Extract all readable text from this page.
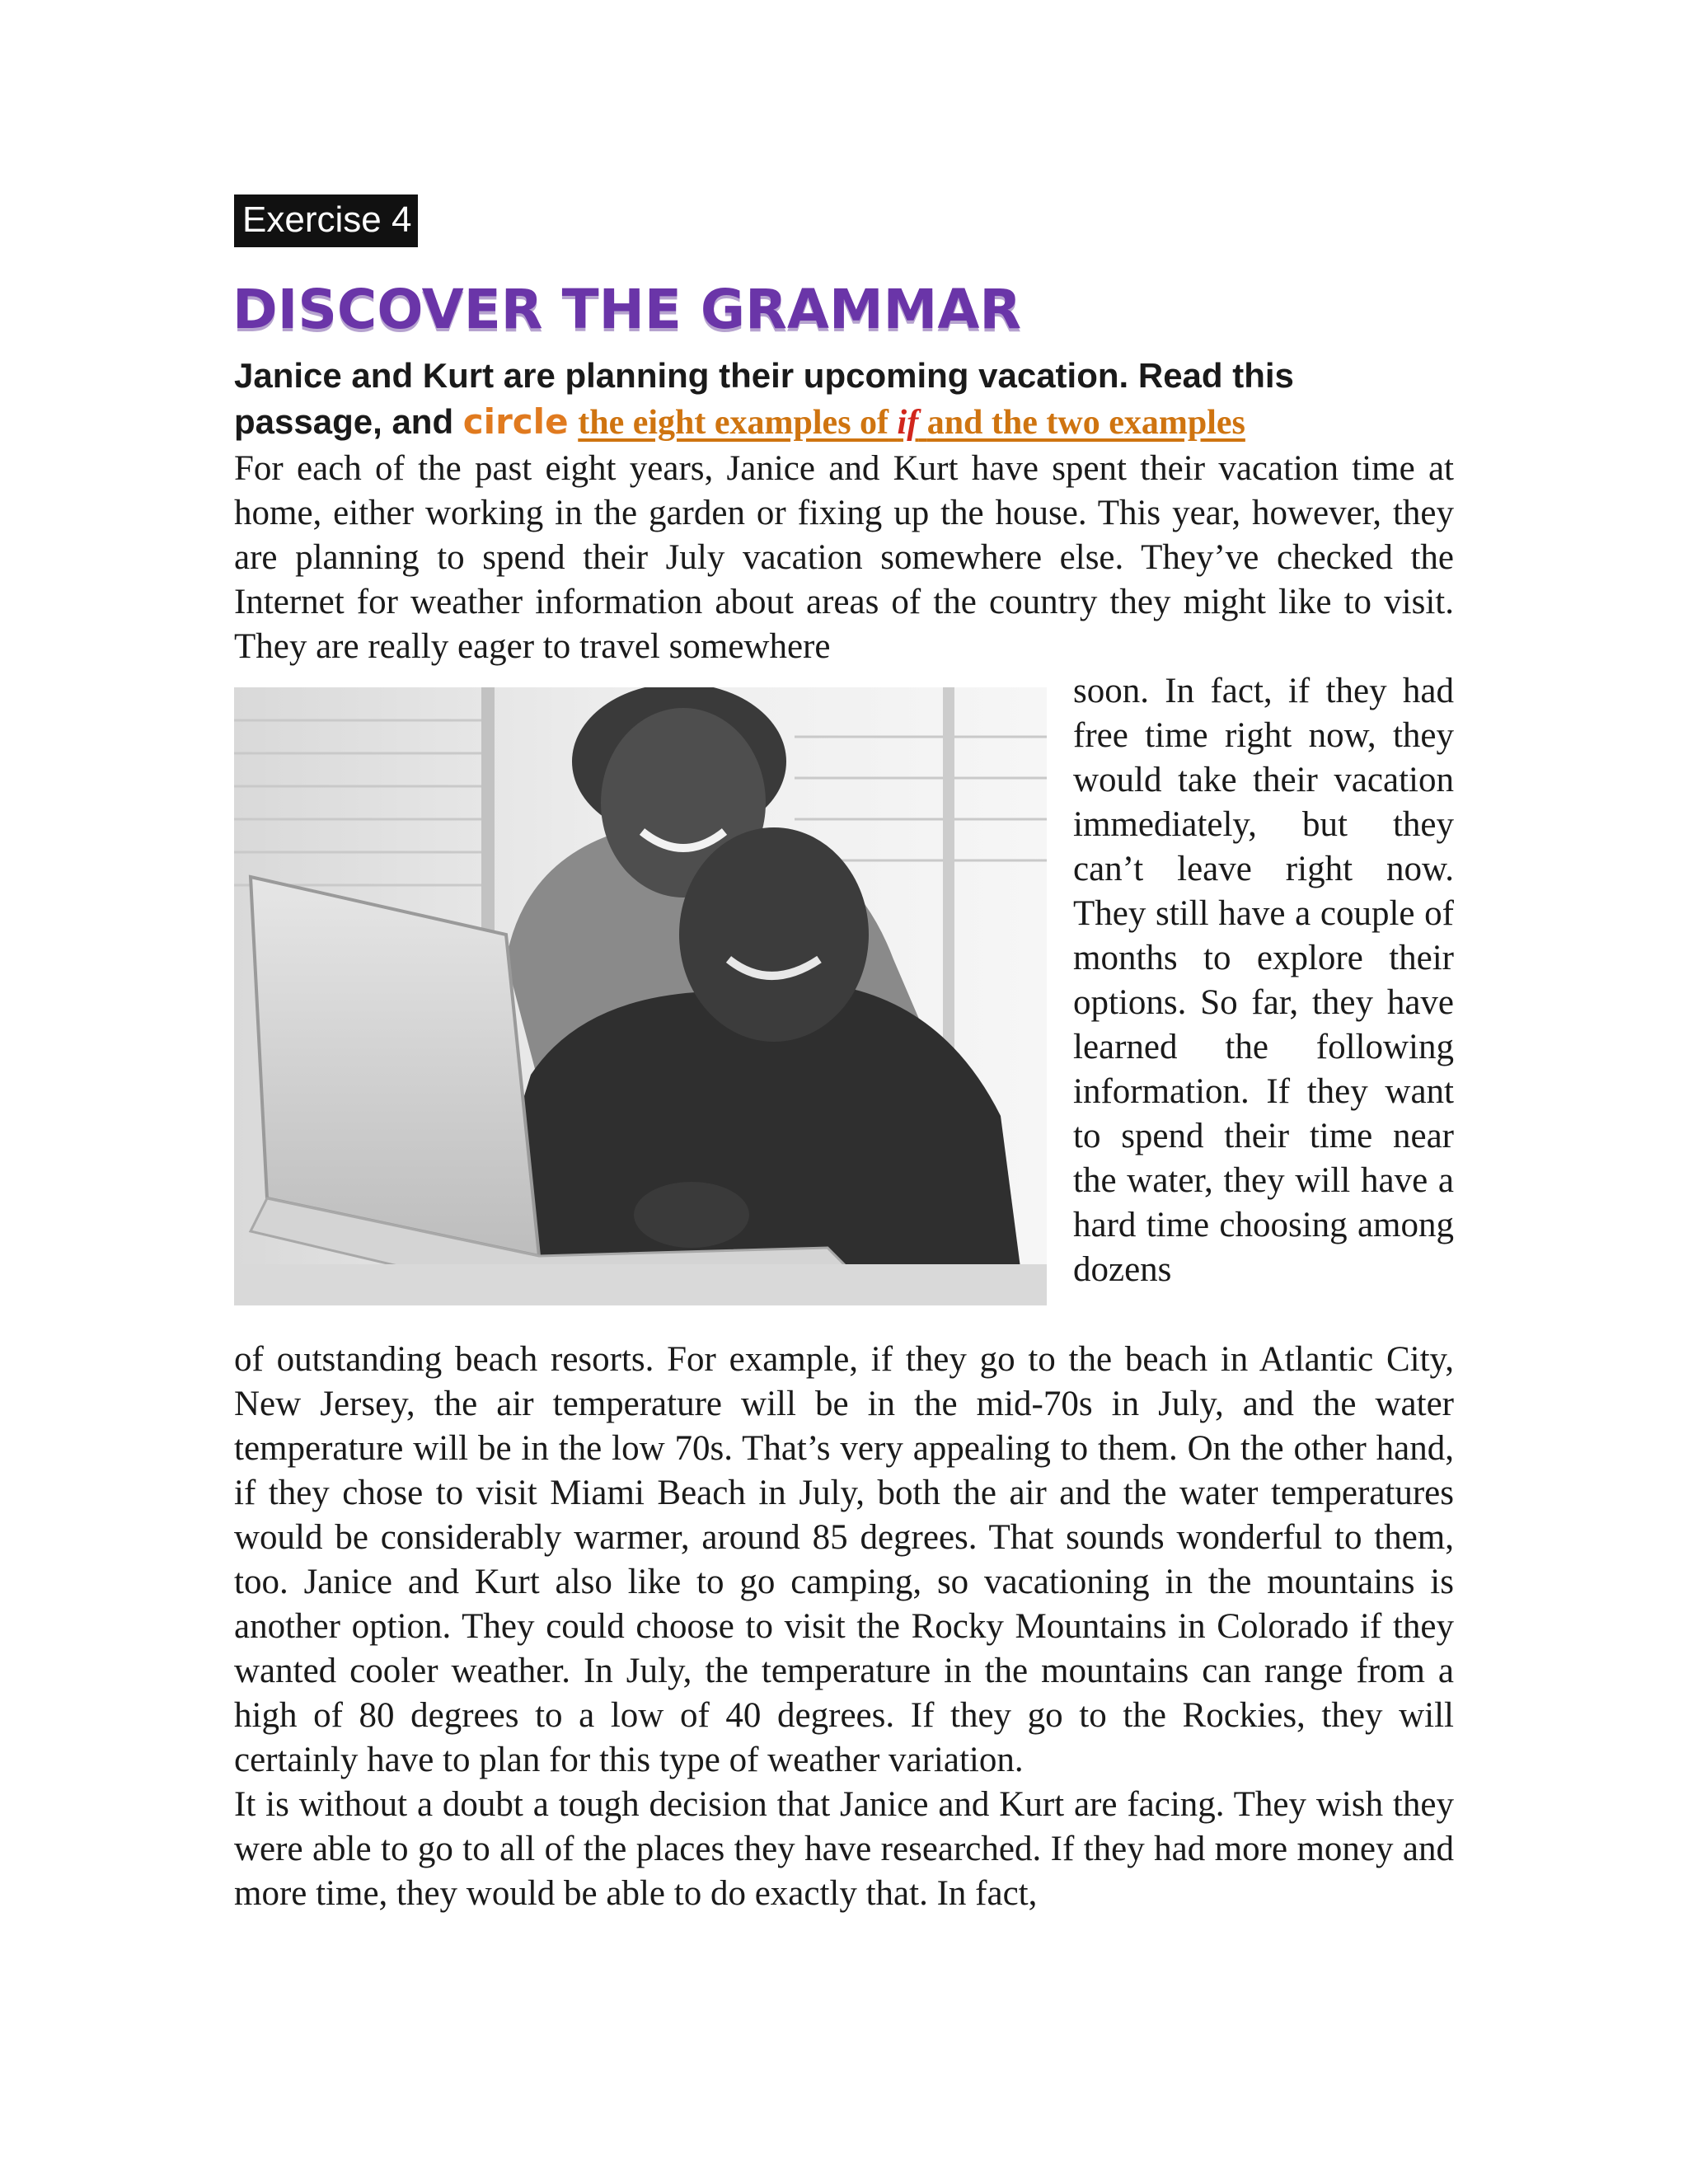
Exercise 4
DISCOVER THE GRAMMAR
Janice and Kurt are planning their upcoming vacation. Read this
passage, and circle the eight examples of if and the two examples
For each of the past eight years, Janice and Kurt have spent their vacation time at home, either working in the garden or fixing up the house. This year, however, they are planning to spend their July vacation somewhere else. They’ve checked the Internet for weather information about areas of the country they might like to visit. They are really eager to travel somewhere
soon. In fact, if they had free time right now, they would take their vacation immediately, but they can’t leave right now. They still have a couple of months to explore their options. So far, they have learned the following information. If they want to spend their time near the water, they will have a hard time choosing among dozens

of outstanding beach resorts. For example, if they go to the beach in Atlantic City, New Jersey, the air temperature will be in the mid-70s in July, and the water temperature will be in the low 70s. That’s very appealing to them. On the other hand, if they chose to visit Miami Beach in July, both the air and the water temperatures would be considerably warmer, around 85 degrees. That sounds wonderful to them, too. Janice and Kurt also like to go camping, so vacationing in the mountains is another option. They could choose to visit the Rocky Mountains in Colorado if they wanted cooler weather. In July, the temperature in the mountains can range from a high of 80 degrees to a low of 40 degrees. If they go to the Rockies, they will certainly have to plan for this type of weather variation.

It is without a doubt a tough decision that Janice and Kurt are facing. They wish they were able to go to all of the places they have researched. If they had more money and more time, they would be able to do exactly that. In fact,
